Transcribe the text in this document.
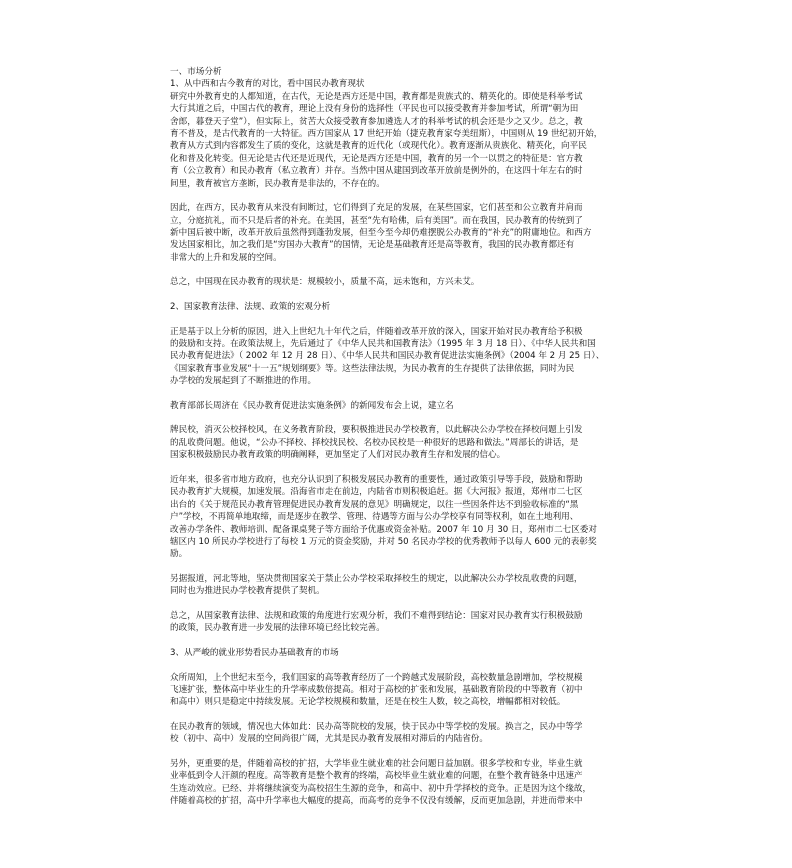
一、市场分析
1、从中西和古今教育的对比，看中国民办教育现状
研究中外教育史的人都知道，在古代，无论是西方还是中国，教育都是贵族式的、精英化的。即使是科举考试
大行其道之后，中国古代的教育，理论上没有身份的选择性（平民也可以接受教育并参加考试，所谓“朝为田
舍郎，暮登天子堂”），但实际上，贫苦大众接受教育参加遴选人才的科举考试的机会还是少之又少。总之，教
育不普及，是古代教育的一大特征。西方国家从 17 世纪开始（捷克教育家夸美纽斯），中国则从 19 世纪初开始，
教育从方式到内容都发生了质的变化，这就是教育的近代化（或现代化）。教育逐渐从贵族化、精英化，向平民
化和普及化转变。但无论是古代还是近现代，无论是西方还是中国，教育的另一个一以贯之的特征是：官方教
育（公立教育）和民办教育（私立教育）并存。当然中国从建国到改革开放前是例外的，在这四十年左右的时
间里，教育被官方垄断，民办教育是非法的，不存在的。
因此，在西方，民办教育从来没有间断过，它们得到了充足的发展，在某些国家，它们甚至和公立教育并肩而
立，分庭抗礼，而不只是后者的补充。在美国，甚至“先有哈佛，后有美国”。而在我国，民办教育的传统到了
新中国后被中断，改革开放后虽然得到蓬勃发展，但至今至今却仍难摆脱公办教育的“补充”的附庸地位。和西方
发达国家相比，加之我们是“穷国办大教育”的国情，无论是基础教育还是高等教育，我国的民办教育都还有
非常大的上升和发展的空间。
总之，中国现在民办教育的现状是：规模较小，质量不高，远未饱和，方兴未艾。
2、国家教育法律、法规、政策的宏观分析
正是基于以上分析的原因，进入上世纪九十年代之后，伴随着改革开放的深入，国家开始对民办教育给予积极
的鼓励和支持。在政策法规上，先后通过了《中华人民共和国教育法》（1995 年 3 月 18 日）、《中华人民共和国
民办教育促进法》（ 2002 年 12 月 28 日）、《中华人民共和国民办教育促进法实施条例》（2004 年 2 月 25 日）、
《国家教育事业发展“十一五”规划纲要》等。这些法律法规，为民办教育的生存提供了法律依据，同时为民
办学校的发展起到了不断推进的作用。
教育部部长周济在《民办教育促进法实施条例》的新闻发布会上说，建立名
牌民校，消灭公校择校风，在义务教育阶段，要积极推进民办学校教育，以此解决公办学校在择校问题上引发
的乱收费问题。他说，“公办不择校、择校找民校、名校办民校是一种很好的思路和做法。”周部长的讲话，是
国家积极鼓励民办教育政策的明确阐释，更加坚定了人们对民办教育生存和发展的信心。
近年来，很多省市地方政府，也充分认识到了积极发展民办教育的重要性，通过政策引导等手段，鼓励和帮助
民办教育扩大规模，加速发展。沿海省市走在前边，内陆省市则积极追赶。据《大河报》报道，郑州市二七区
出台的《关于规范民办教育管理促进民办教育发展的意见》明确规定，以往一些因条件达不到验收标准的“黑
户”学校，不再简单地取缔，而是逐步在教学、管理、待遇等方面与公办学校享有同等权利，如在土地利用、
改善办学条件、教师培训、配备课桌凳子等方面给予优惠或资金补贴。2007 年 10 月 30 日，郑州市二七区委对
辖区内 10 所民办学校进行了每校 1 万元的资金奖励，并对 50 名民办学校的优秀教师予以每人 600 元的表彰奖
励。
另据报道，河北等地，坚决贯彻国家关于禁止公办学校采取择校生的规定，以此解决公办学校乱收费的问题，
同时也为推进民办学校教育提供了契机。
总之，从国家教育法律、法规和政策的角度进行宏观分析，我们不难得到结论：国家对民办教育实行积极鼓励
的政策，民办教育进一步发展的法律环境已经比较完善。
3、从严峻的就业形势看民办基础教育的市场
众所周知，上个世纪末至今，我们国家的高等教育经历了一个跨越式发展阶段，高校数量急剧增加，学校规模
飞速扩张，整体高中毕业生的升学率成数倍提高。相对于高校的扩张和发展，基础教育阶段的中等教育（初中
和高中）则只是稳定中持续发展。无论学校规模和数量，还是在校生人数，较之高校，增幅都相对较低。
在民办教育的领域，情况也大体如此：民办高等院校的发展，快于民办中等学校的发展。换言之，民办中等学
校（初中、高中）发展的空间尚很广阔，尤其是民办教育发展相对滞后的内陆省份。
另外，更重要的是，伴随着高校的扩招，大学毕业生就业难的社会问题日益加剧。很多学校和专业，毕业生就
业率低到令人汗颜的程度。高等教育是整个教育的终端，高校毕业生就业难的问题，在整个教育链条中迅速产
生连动效应。已经、并将继续演变为高校招生生源的竞争，和高中、初中升学择校的竞争。正是因为这个缘故，
伴随着高校的扩招，高中升学率也大幅度的提高，而高考的竞争不仅没有缓解，反而更加急剧，并进而带来中
